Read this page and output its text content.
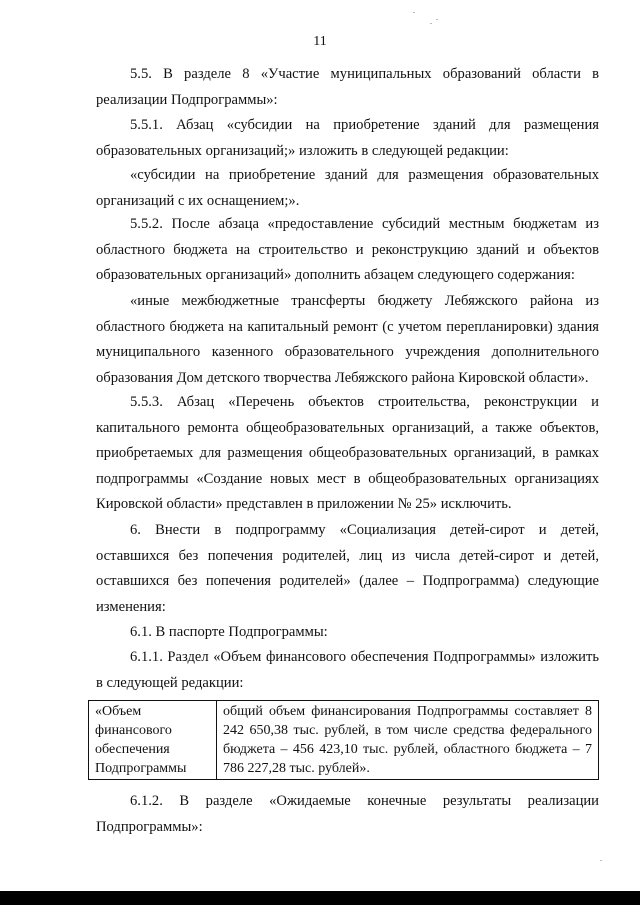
11

5.5. В разделе 8 «Участие муниципальных образований области в реализации Подпрограммы»:

5.5.1. Абзац «субсидии на приобретение зданий для размещения образовательных организаций;» изложить в следующей редакции:

«субсидии на приобретение зданий для размещения образовательных организаций с их оснащением;».

5.5.2. После абзаца «предоставление субсидий местным бюджетам из областного бюджета на строительство и реконструкцию зданий и объектов образовательных организаций» дополнить абзацем следующего содержания:

«иные межбюджетные трансферты бюджету Лебяжского района из областного бюджета на капитальный ремонт (с учетом перепланировки) здания муниципального казенного образовательного учреждения дополнительного образования Дом детского творчества Лебяжского района Кировской области».

5.5.3. Абзац «Перечень объектов строительства, реконструкции и капитального ремонта общеобразовательных организаций, а также объектов, приобретаемых для размещения общеобразовательных организаций, в рамках подпрограммы «Создание новых мест в общеобразовательных организациях Кировской области» представлен в приложении № 25» исключить.

6. Внести в подпрограмму «Социализация детей-сирот и детей, оставшихся без попечения родителей, лиц из числа детей-сирот и детей, оставшихся без попечения родителей» (далее – Подпрограмма) следующие изменения:

6.1. В паспорте Подпрограммы:

6.1.1. Раздел «Объем финансового обеспечения Подпрограммы» изложить в следующей редакции:

«Объем
финансового
обеспечения
Подпрограммы	общий объем финансирования Подпрограммы составляет 8 242 650,38 тыс. рублей, в том числе средства федерального бюджета – 456 423,10 тыс. рублей, областного бюджета – 7 786 227,28 тыс. рублей».

6.1.2. В разделе «Ожидаемые конечные результаты реализации Подпрограммы»:
